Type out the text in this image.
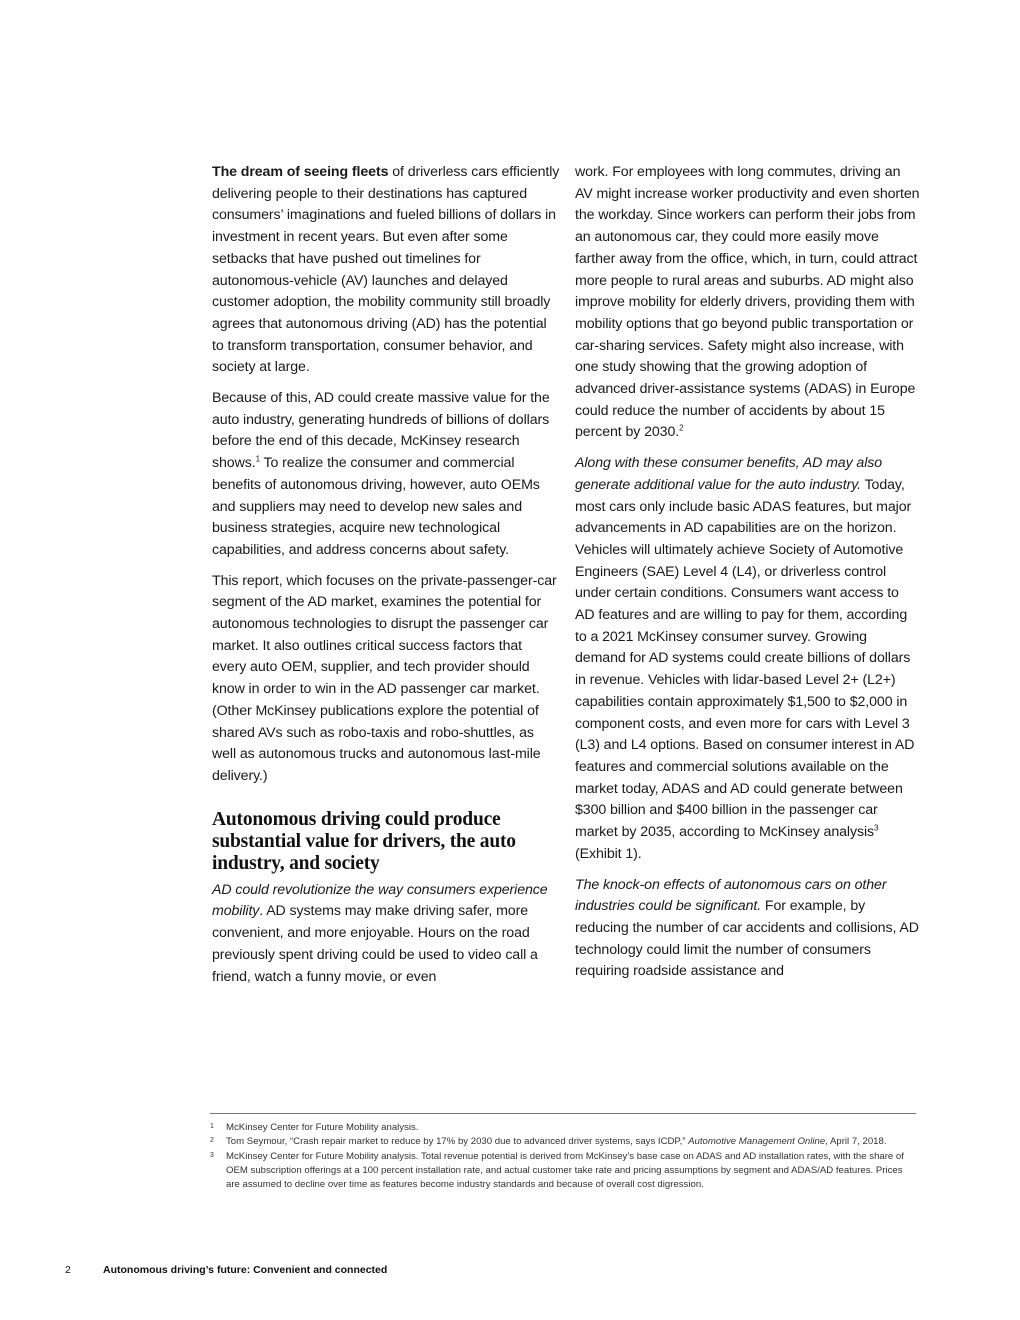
The dream of seeing fleets of driverless cars efficiently delivering people to their destinations has captured consumers’ imaginations and fueled billions of dollars in investment in recent years. But even after some setbacks that have pushed out timelines for autonomous-vehicle (AV) launches and delayed customer adoption, the mobility community still broadly agrees that autonomous driving (AD) has the potential to transform transportation, consumer behavior, and society at large.

Because of this, AD could create massive value for the auto industry, generating hundreds of billions of dollars before the end of this decade, McKinsey research shows.$^1$ To realize the consumer and commercial benefits of autonomous driving, however, auto OEMs and suppliers may need to develop new sales and business strategies, acquire new technological capabilities, and address concerns about safety.

This report, which focuses on the private-passenger-car segment of the AD market, examines the potential for autonomous technologies to disrupt the passenger car market. It also outlines critical success factors that every auto OEM, supplier, and tech provider should know in order to win in the AD passenger car market. (Other McKinsey publications explore the potential of shared AVs such as robo-taxis and robo-shuttles, as well as autonomous trucks and autonomous last-mile delivery.)

Autonomous driving could produce substantial value for drivers, the auto industry, and society

AD could revolutionize the way consumers experience mobility. AD systems may make driving safer, more convenient, and more enjoyable. Hours on the road previously spent driving could be used to video call a friend, watch a funny movie, or even

work. For employees with long commutes, driving an AV might increase worker productivity and even shorten the workday. Since workers can perform their jobs from an autonomous car, they could more easily move farther away from the office, which, in turn, could attract more people to rural areas and suburbs. AD might also improve mobility for elderly drivers, providing them with mobility options that go beyond public transportation or car-sharing services. Safety might also increase, with one study showing that the growing adoption of advanced driver-assistance systems (ADAS) in Europe could reduce the number of accidents by about 15 percent by 2030.$^2$

Along with these consumer benefits, AD may also generate additional value for the auto industry. Today, most cars only include basic ADAS features, but major advancements in AD capabilities are on the horizon. Vehicles will ultimately achieve Society of Automotive Engineers (SAE) Level 4 (L4), or driverless control under certain conditions. Consumers want access to AD features and are willing to pay for them, according to a 2021 McKinsey consumer survey. Growing demand for AD systems could create billions of dollars in revenue. Vehicles with lidar-based Level 2+ (L2+) capabilities contain approximately $1,500 to $2,000 in component costs, and even more for cars with Level 3 (L3) and L4 options. Based on consumer interest in AD features and commercial solutions available on the market today, ADAS and AD could generate between $300 billion and $400 billion in the passenger car market by 2035, according to McKinsey analysis$^3$ (Exhibit 1).

The knock-on effects of autonomous cars on other industries could be significant. For example, by reducing the number of car accidents and collisions, AD technology could limit the number of consumers requiring roadside assistance and

1	McKinsey Center for Future Mobility analysis.
2	Tom Seymour, “Crash repair market to reduce by 17% by 2030 due to advanced driver systems, says ICDP,” Automotive Management Online, April 7, 2018.
3	McKinsey Center for Future Mobility analysis. Total revenue potential is derived from McKinsey’s base case on ADAS and AD installation rates, with the share of OEM subscription offerings at a 100 percent installation rate, and actual customer take rate and pricing assumptions by segment and ADAS/AD features. Prices are assumed to decline over time as features become industry standards and because of overall cost digression.
2	Autonomous driving’s future: Convenient and connected
